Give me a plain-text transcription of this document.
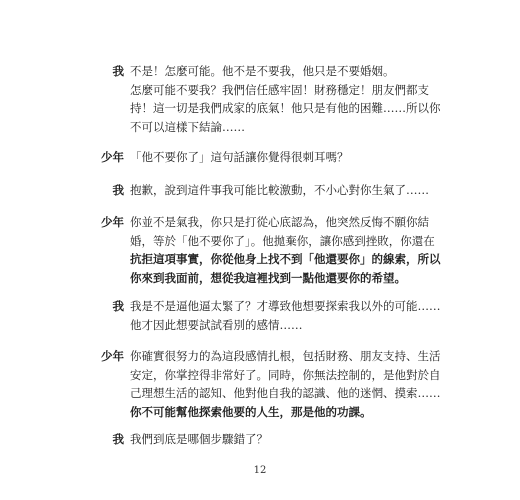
我 不是！怎麼可能。他不是不要我，他只是不要婚姻。
怎麼可能不要我？我們信任感牢固！財務穩定！朋友們都支
持！這一切是我們成家的底氣！他只是有他的困難……所以你
不可以這樣下結論……
少年 「他不要你了」這句話讓你覺得很刺耳嗎？
我 抱歉，說到這件事我可能比較激動，不小心對你生氣了……
少年 你並不是氣我，你只是打從心底認為，他突然反悔不願你結
婚，等於「他不要你了」。他拋棄你，讓你感到挫敗，你還在
抗拒這項事實，你從他身上找不到「他還要你」的線索，所以
你來到我面前，想從我這裡找到一點他還要你的希望。
我 我是不是逼他逼太緊了？才導致他想要探索我以外的可能……
他才因此想要試試看別的感情……
少年 你確實很努力的為這段感情扎根，包括財務、朋友支持、生活
安定，你掌控得非常好了。同時，你無法控制的，是他對於自
己理想生活的認知、他對他自我的認識、他的迷惘、摸索……
你不可能幫他探索他要的人生，那是他的功課。
我 我們到底是哪個步驟錯了？
12
